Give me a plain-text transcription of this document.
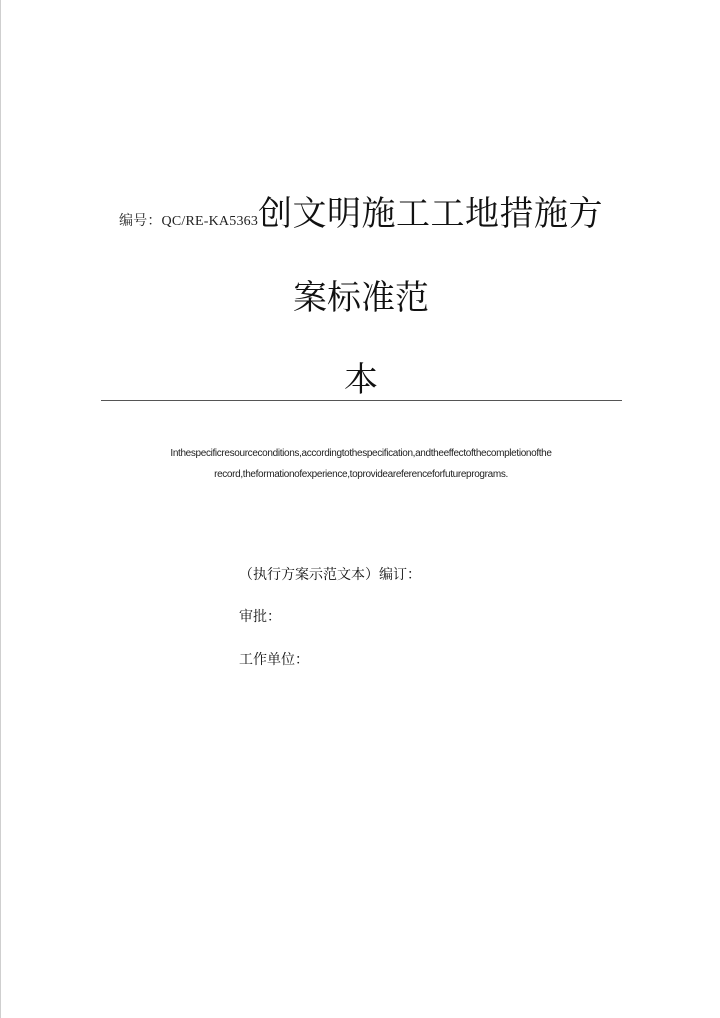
编号：QC/RE-KA5363创文明施工工地措施方
案标准范
本
Inthespecificresourceconditions,accordingtothespecification,andtheeffectofthecompletionofthe
record,theformationofexperience,toprovideareferenceforfutureprograms.
（执行方案示范文本）编订：
审批：
工作单位：
